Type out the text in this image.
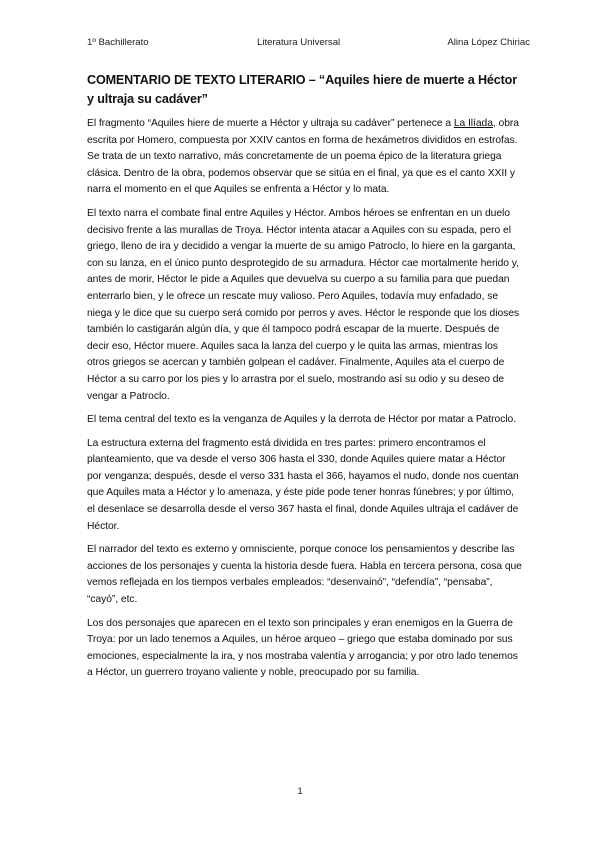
1º Bachillerato	Literatura Universal	Alina López Chiriac
COMENTARIO DE TEXTO LITERARIO – “Aquiles hiere de muerte a Héctor y ultraja su cadáver”

El fragmento “Aquiles hiere de muerte a Héctor y ultraja su cadáver” pertenece a La Ilíada, obra escrita por Homero, compuesta por XXIV cantos en forma de hexámetros divididos en estrofas. Se trata de un texto narrativo, más concretamente de un poema épico de la literatura griega clásica. Dentro de la obra, podemos observar que se sitúa en el final, ya que es el canto XXII y narra el momento en el que Aquiles se enfrenta a Héctor y lo mata.

El texto narra el combate final entre Aquiles y Héctor. Ambos héroes se enfrentan en un duelo decisivo frente a las murallas de Troya. Héctor intenta atacar a Aquiles con su espada, pero el griego, lleno de ira y decidido a vengar la muerte de su amigo Patroclo, lo hiere en la garganta, con su lanza, en el único punto desprotegido de su armadura. Héctor cae mortalmente herido y, antes de morir, Héctor le pide a Aquiles que devuelva su cuerpo a su familia para que puedan enterrarlo bien, y le ofrece un rescate muy valioso. Pero Aquiles, todavía muy enfadado, se niega y le dice que su cuerpo será comido por perros y aves. Héctor le responde que los dioses también lo castigarán algún día, y que él tampoco podrá escapar de la muerte. Después de decir eso, Héctor muere. Aquiles saca la lanza del cuerpo y le quita las armas, mientras los otros griegos se acercan y también golpean el cadáver. Finalmente, Aquiles ata el cuerpo de Héctor a su carro por los pies y lo arrastra por el suelo, mostrando así su odio y su deseo de vengar a Patroclo.

El tema central del texto es la venganza de Aquiles y la derrota de Héctor por matar a Patroclo.

La estructura externa del fragmento está dividida en tres partes: primero encontramos el planteamiento, que va desde el verso 306 hasta el 330, donde Aquiles quiere matar a Héctor por venganza; después, desde el verso 331 hasta el 366, hayamos el nudo, donde nos cuentan que Aquiles mata a Héctor y lo amenaza, y éste pide pode tener honras fúnebres; y por último, el desenlace se desarrolla desde el verso 367 hasta el final, donde Aquiles ultraja el cadáver de Héctor.

El narrador del texto es externo y omnisciente, porque conoce los pensamientos y describe las acciones de los personajes y cuenta la historia desde fuera. Habla en tercera persona, cosa que vemos reflejada en los tiempos verbales empleados: “desenvainó”, “defendía”, “pensaba”, “cayó”, etc.

Los dos personajes que aparecen en el texto son principales y eran enemigos en la Guerra de Troya: por un lado tenemos a Aquiles, un héroe arqueo – griego que estaba dominado por sus emociones, especialmente la ira, y nos mostraba valentía y arrogancia; y por otro lado tenemos a Héctor, un guerrero troyano valiente y noble, preocupado por su familia.

1
